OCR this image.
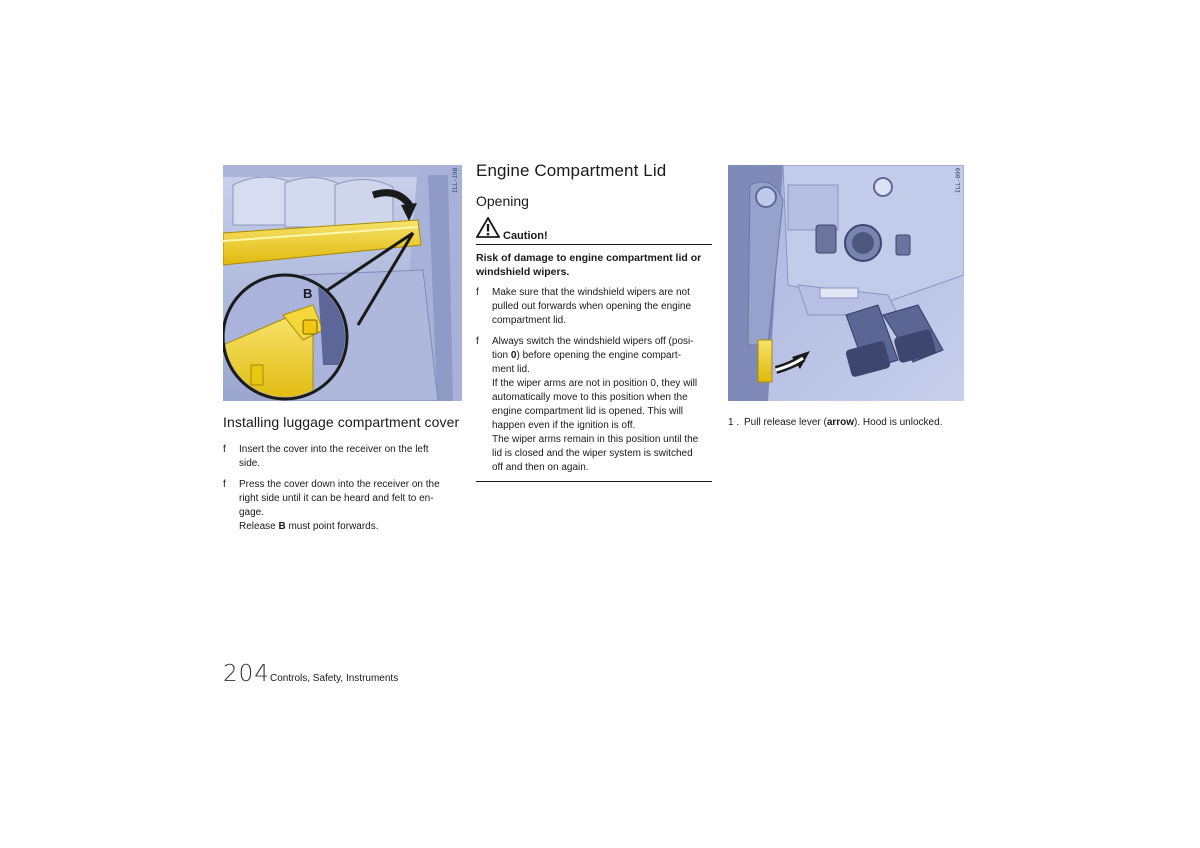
B
ILL-198
Installing luggage compartment cover
f	Insert the cover into the receiver on the left
side.
f	Press the cover down into the receiver on the
right side until it can be heard and felt to en-
gage.
Release B must point forwards.
Engine Compartment Lid
Opening
Caution!
Risk of damage to engine compartment lid or
windshield wipers.
f	Make sure that the windshield wipers are not
pulled out forwards when opening the engine
compartment lid.
f	Always switch the windshield wipers off (posi-
tion 0) before opening the engine compart-
ment lid.
If the wiper arms are not in position 0, they will
automatically move to this position when the
engine compartment lid is opened. This will
happen even if the ignition is off.
The wiper arms remain in this position until the
lid is closed and the wiper system is switched
off and then on again.
ILL-099
1 . Pull release lever (arrow). Hood is unlocked.
204 Controls, Safety, Instruments
